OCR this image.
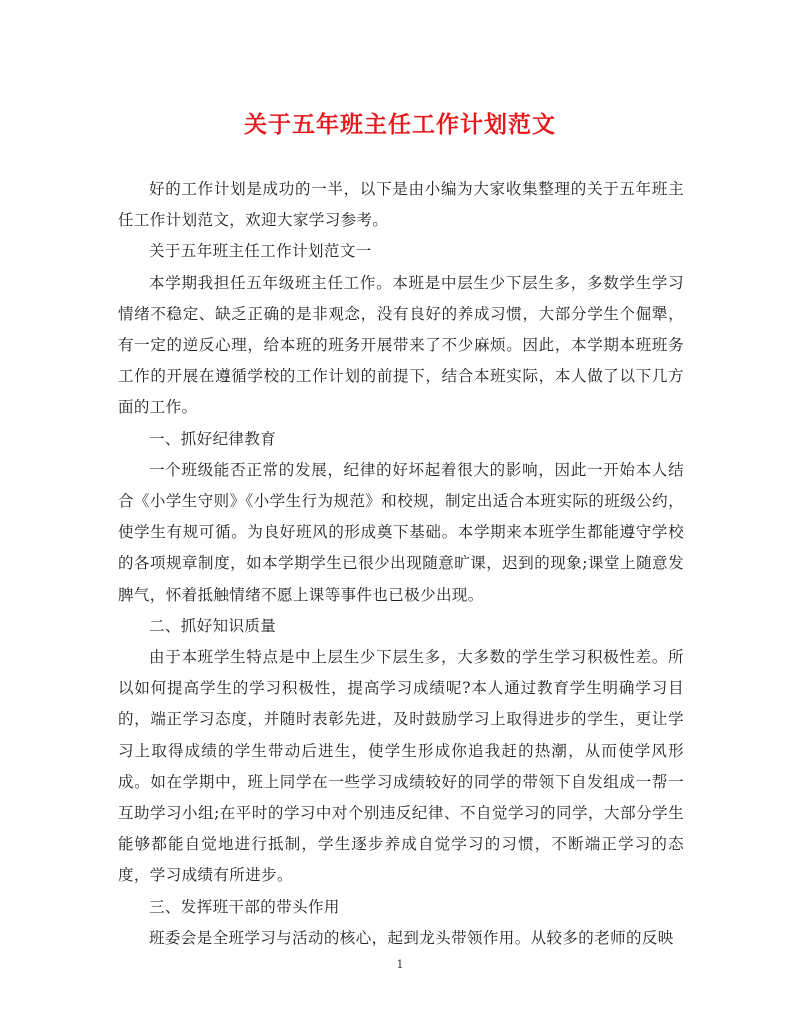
关于五年班主任工作计划范文

好的工作计划是成功的一半，以下是由小编为大家收集整理的关于五年班主任工作计划范文，欢迎大家学习参考。

关于五年班主任工作计划范文一

本学期我担任五年级班主任工作。本班是中层生少下层生多，多数学生学习情绪不稳定、缺乏正确的是非观念，没有良好的养成习惯，大部分学生个倔犟，有一定的逆反心理，给本班的班务开展带来了不少麻烦。因此，本学期本班班务工作的开展在遵循学校的工作计划的前提下，结合本班实际，本人做了以下几方面的工作。

一、抓好纪律教育

一个班级能否正常的发展，纪律的好坏起着很大的影响，因此一开始本人结合《小学生守则》《小学生行为规范》和校规，制定出适合本班实际的班级公约，使学生有规可循。为良好班风的形成奠下基础。本学期来本班学生都能遵守学校的各项规章制度，如本学期学生已很少出现随意旷课，迟到的现象;课堂上随意发脾气，怀着抵触情绪不愿上课等事件也已极少出现。

二、抓好知识质量

由于本班学生特点是中上层生少下层生多，大多数的学生学习积极性差。所以如何提高学生的学习积极性，提高学习成绩呢?本人通过教育学生明确学习目的，端正学习态度，并随时表彰先进，及时鼓励学习上取得进步的学生，更让学习上取得成绩的学生带动后进生，使学生形成你追我赶的热潮，从而使学风形成。如在学期中，班上同学在一些学习成绩较好的同学的带领下自发组成一帮一互助学习小组;在平时的学习中对个别违反纪律、不自觉学习的同学，大部分学生能够都能自觉地进行抵制，学生逐步养成自觉学习的习惯，不断端正学习的态度，学习成绩有所进步。

三、发挥班干部的带头作用

班委会是全班学习与活动的核心，起到龙头带领作用。从较多的老师的反映

1
